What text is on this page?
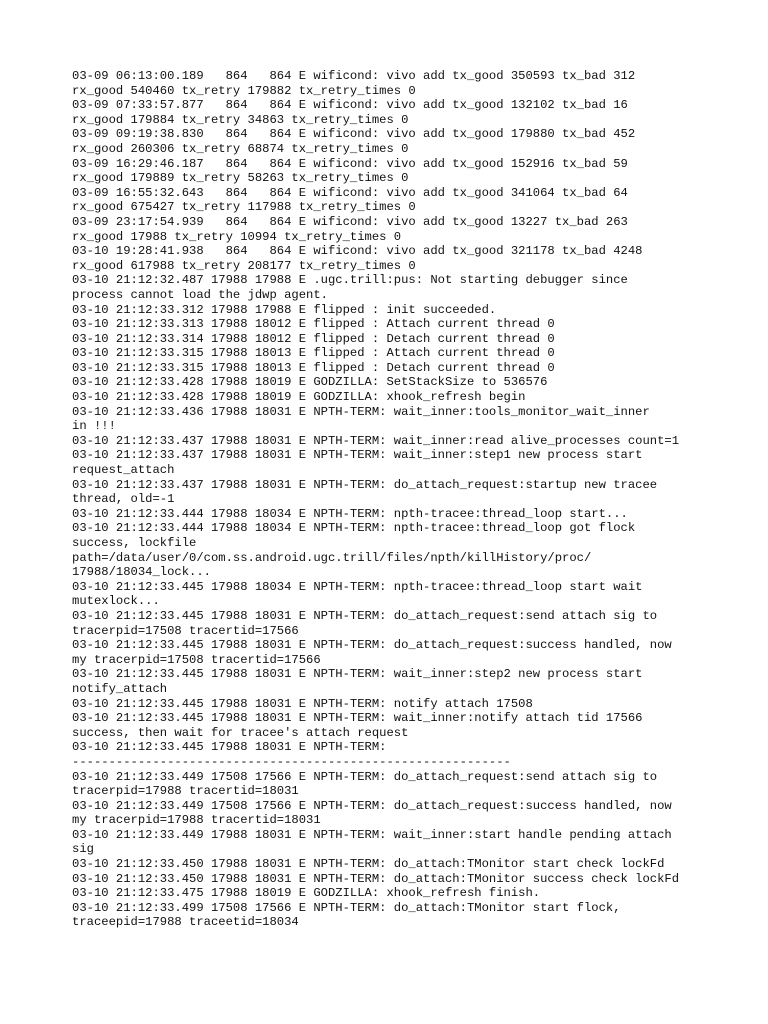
03-09 06:13:00.189   864   864 E wificond: vivo add tx_good 350593 tx_bad 312

rx_good 540460 tx_retry 179882 tx_retry_times 0

03-09 07:33:57.877   864   864 E wificond: vivo add tx_good 132102 tx_bad 16

rx_good 179884 tx_retry 34863 tx_retry_times 0

03-09 09:19:38.830   864   864 E wificond: vivo add tx_good 179880 tx_bad 452

rx_good 260306 tx_retry 68874 tx_retry_times 0

03-09 16:29:46.187   864   864 E wificond: vivo add tx_good 152916 tx_bad 59

rx_good 179889 tx_retry 58263 tx_retry_times 0

03-09 16:55:32.643   864   864 E wificond: vivo add tx_good 341064 tx_bad 64

rx_good 675427 tx_retry 117988 tx_retry_times 0

03-09 23:17:54.939   864   864 E wificond: vivo add tx_good 13227 tx_bad 263

rx_good 17988 tx_retry 10994 tx_retry_times 0

03-10 19:28:41.938   864   864 E wificond: vivo add tx_good 321178 tx_bad 4248

rx_good 617988 tx_retry 208177 tx_retry_times 0

03-10 21:12:32.487 17988 17988 E .ugc.trill:pus: Not starting debugger since

process cannot load the jdwp agent.

03-10 21:12:33.312 17988 17988 E flipped : init succeeded.

03-10 21:12:33.313 17988 18012 E flipped : Attach current thread 0

03-10 21:12:33.314 17988 18012 E flipped : Detach current thread 0

03-10 21:12:33.315 17988 18013 E flipped : Attach current thread 0

03-10 21:12:33.315 17988 18013 E flipped : Detach current thread 0

03-10 21:12:33.428 17988 18019 E GODZILLA: SetStackSize to 536576

03-10 21:12:33.428 17988 18019 E GODZILLA: xhook_refresh begin

03-10 21:12:33.436 17988 18031 E NPTH-TERM: wait_inner:tools_monitor_wait_inner

in !!!

03-10 21:12:33.437 17988 18031 E NPTH-TERM: wait_inner:read alive_processes count=1

03-10 21:12:33.437 17988 18031 E NPTH-TERM: wait_inner:step1 new process start

request_attach

03-10 21:12:33.437 17988 18031 E NPTH-TERM: do_attach_request:startup new tracee

thread, old=-1

03-10 21:12:33.444 17988 18034 E NPTH-TERM: npth-tracee:thread_loop start...

03-10 21:12:33.444 17988 18034 E NPTH-TERM: npth-tracee:thread_loop got flock

success, lockfile

path=/data/user/0/com.ss.android.ugc.trill/files/npth/killHistory/proc/

17988/18034_lock...

03-10 21:12:33.445 17988 18034 E NPTH-TERM: npth-tracee:thread_loop start wait

mutexlock...

03-10 21:12:33.445 17988 18031 E NPTH-TERM: do_attach_request:send attach sig to

tracerpid=17508 tracertid=17566

03-10 21:12:33.445 17988 18031 E NPTH-TERM: do_attach_request:success handled, now

my tracerpid=17508 tracertid=17566

03-10 21:12:33.445 17988 18031 E NPTH-TERM: wait_inner:step2 new process start

notify_attach

03-10 21:12:33.445 17988 18031 E NPTH-TERM: notify attach 17508

03-10 21:12:33.445 17988 18031 E NPTH-TERM: wait_inner:notify attach tid 17566

success, then wait for tracee's attach request

03-10 21:12:33.445 17988 18031 E NPTH-TERM:

------------------------------------------------------------

03-10 21:12:33.449 17508 17566 E NPTH-TERM: do_attach_request:send attach sig to

tracerpid=17988 tracertid=18031

03-10 21:12:33.449 17508 17566 E NPTH-TERM: do_attach_request:success handled, now

my tracerpid=17988 tracertid=18031

03-10 21:12:33.449 17988 18031 E NPTH-TERM: wait_inner:start handle pending attach

sig

03-10 21:12:33.450 17988 18031 E NPTH-TERM: do_attach:TMonitor start check lockFd

03-10 21:12:33.450 17988 18031 E NPTH-TERM: do_attach:TMonitor success check lockFd

03-10 21:12:33.475 17988 18019 E GODZILLA: xhook_refresh finish.

03-10 21:12:33.499 17508 17566 E NPTH-TERM: do_attach:TMonitor start flock,

traceepid=17988 traceetid=18034
